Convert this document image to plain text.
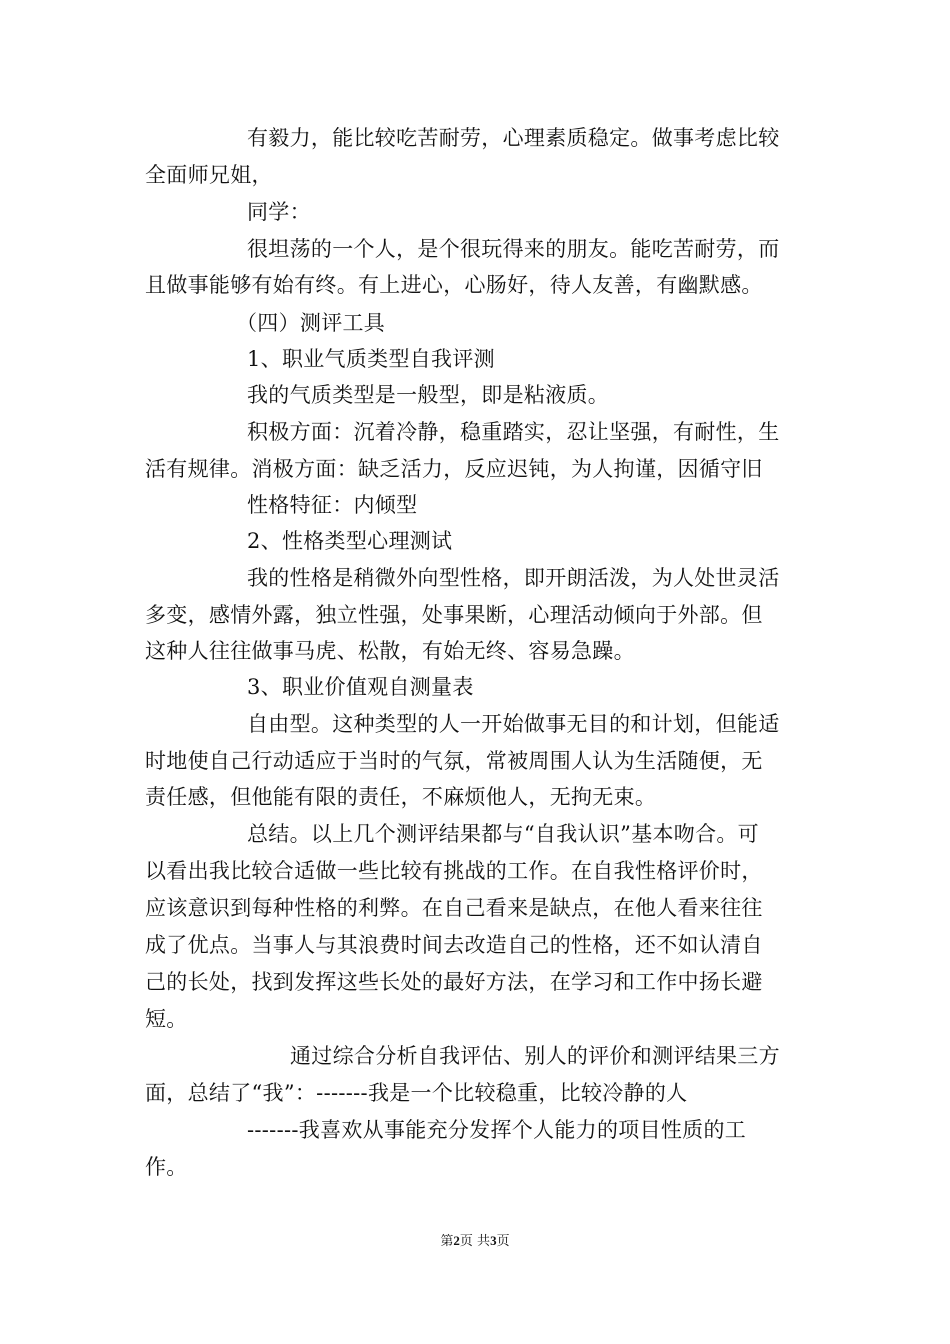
有毅力，能比较吃苦耐劳，心理素质稳定。做事考虑比较
全面师兄姐，
同学：
很坦荡的一个人，是个很玩得来的朋友。能吃苦耐劳，而
且做事能够有始有终。有上进心，心肠好，待人友善，有幽默感。
（四）测评工具
1、职业气质类型自我评测
我的气质类型是一般型，即是粘液质。
积极方面：沉着冷静，稳重踏实，忍让坚强，有耐性，生
活有规律。消极方面：缺乏活力，反应迟钝，为人拘谨，因循守旧
性格特征：内倾型
2、性格类型心理测试
我的性格是稍微外向型性格，即开朗活泼，为人处世灵活
多变，感情外露，独立性强，处事果断，心理活动倾向于外部。但
这种人往往做事马虎、松散，有始无终、容易急躁。
3、职业价值观自测量表
自由型。这种类型的人一开始做事无目的和计划，但能适
时地使自己行动适应于当时的气氛，常被周围人认为生活随便，无
责任感，但他能有限的责任，不麻烦他人，无拘无束。
总结。以上几个测评结果都与“自我认识”基本吻合。可
以看出我比较合适做一些比较有挑战的工作。在自我性格评价时，
应该意识到每种性格的利弊。在自己看来是缺点，在他人看来往往
成了优点。当事人与其浪费时间去改造自己的性格，还不如认清自
己的长处，找到发挥这些长处的最好方法，在学习和工作中扬长避
短。
通过综合分析自我评估、别人的评价和测评结果三方
面，总结了“我”：-------我是一个比较稳重，比较冷静的人
-------我喜欢从事能充分发挥个人能力的项目性质的工
作。
第2页 共3页
